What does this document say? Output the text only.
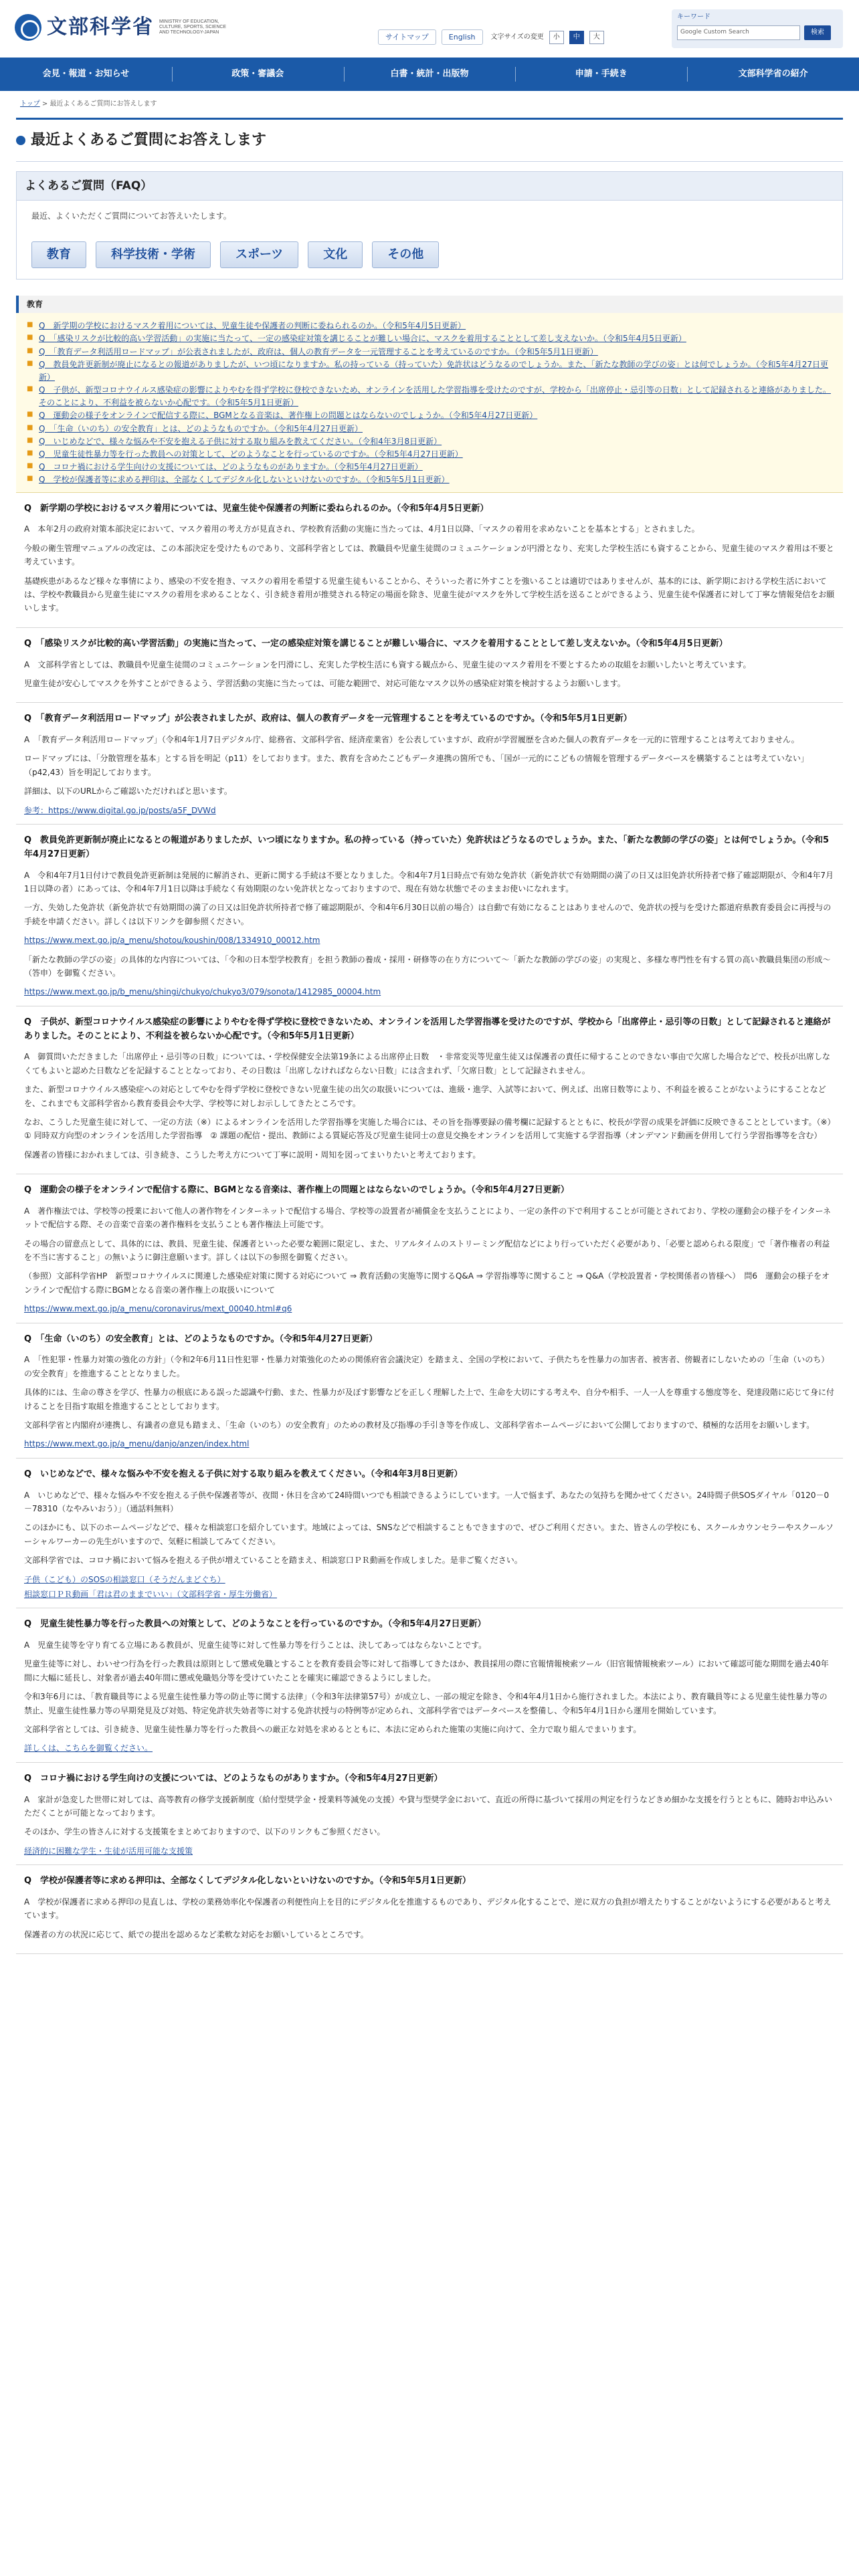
文部科学省 MINISTRY OF EDUCATION, CULTURE, SPORTS, SCIENCE AND TECHNOLOGY-JAPAN
サイトマップ	English	文字サイズの変更	小	中	大
キーワード
Google Custom Search	検索
会見・報道・お知らせ	政策・審議会	白書・統計・出版物	申請・手続き	文部科学省の紹介
トップ > 最近よくあるご質問にお答えします
最近よくあるご質問にお答えします
よくあるご質問（FAQ）
最近、よくいただくご質問についてお答えいたします。
教育	科学技術・学術	スポーツ	文化	その他
教育
■ Q　新学期の学校におけるマスク着用については、児童生徒や保護者の判断に委ねられるのか。（令和5年4月5日更新）
■ Q　「感染リスクが比較的高い学習活動」の実施に当たって、一定の感染症対策を講じることが難しい場合に、マスクを着用することとして差し支えないか。（令和5年4月5日更新）
■ Q　「教育データ利活用ロードマップ」が公表されましたが、政府は、個人の教育データを一元管理することを考えているのですか。（令和5年5月1日更新）
■ Q　教員免許更新制が廃止になるとの報道がありましたが、いつ頃になりますか。私の持っている（持っていた）免許状はどうなるのでしょうか。また、「新たな教師の学びの姿」とは何でしょうか。（令和5年4月27日更新）
■ Q　子供が、新型コロナウイルス感染症の影響によりやむを得ず学校に登校できないため、オンラインを活用した学習指導を受けたのですが、学校から「出席停止・忌引等の日数」として記録されると連絡がありました。そのことにより、不利益を被らないか心配です。（令和5年5月1日更新）
■ Q　運動会の様子をオンラインで配信する際に、BGMとなる音楽は、著作権上の問題とはならないのでしょうか。（令和5年4月27日更新）
■ Q　「生命（いのち）の安全教育」とは、どのようなものですか。（令和5年4月27日更新）
■ Q　いじめなどで、様々な悩みや不安を抱える子供に対する取り組みを教えてください。（令和4年3月8日更新）
■ Q　児童生徒性暴力等を行った教員への対策として、どのようなことを行っているのですか。（令和5年4月27日更新）
■ Q　コロナ禍における学生向けの支援については、どのようなものがありますか。（令和5年4月27日更新）
■ Q　学校が保護者等に求める押印は、全部なくしてデジタル化しないといけないのですか。（令和5年5月1日更新）
Q　新学期の学校におけるマスク着用については、児童生徒や保護者の判断に委ねられるのか。（令和5年4月5日更新）

A　本年2月の政府対策本部決定において、マスク着用の考え方が見直され、学校教育活動の実施に当たっては、4月1日以降、「マスクの着用を求めないことを基本とする」とされました。

今般の衛生管理マニュアルの改定は、この本部決定を受けたものであり、文部科学省としては、教職員や児童生徒間のコミュニケーションが円滑となり、充実した学校生活にも資することから、児童生徒のマスク着用は不要と考えています。

基礎疾患があるなど様々な事情により、感染の不安を抱き、マスクの着用を希望する児童生徒もいることから、そういった者に外すことを強いることは適切ではありませんが、基本的には、新学期における学校生活においては、学校や教職員から児童生徒にマスクの着用を求めることなく、引き続き着用が推奨される特定の場面を除き、児童生徒がマスクを外して学校生活を送ることができるよう、児童生徒や保護者に対して丁寧な情報発信をお願いします。

Q　「感染リスクが比較的高い学習活動」の実施に当たって、一定の感染症対策を講じることが難しい場合に、マスクを着用することとして差し支えないか。（令和5年4月5日更新）

A　文部科学省としては、教職員や児童生徒間のコミュニケーションを円滑にし、充実した学校生活にも資する観点から、児童生徒のマスク着用を不要とするための取組をお願いしたいと考えています。

児童生徒が安心してマスクを外すことができるよう、学習活動の実施に当たっては、可能な範囲で、対応可能なマスク以外の感染症対策を検討するようお願いします。

Q　「教育データ利活用ロードマップ」が公表されましたが、政府は、個人の教育データを一元管理することを考えているのですか。（令和5年5月1日更新）

A　「教育データ利活用ロードマップ」（令和4年1月7日デジタル庁、総務省、文部科学省、経済産業省）を公表していますが、政府が学習履歴を含めた個人の教育データを一元的に管理することは考えておりません。

ロードマップには、「分散管理を基本」とする旨を明記（p11）をしております。また、教育を含めたこどもデータ連携の箇所でも、「国が一元的にこどもの情報を管理するデータベースを構築することは考えていない」（p42,43）旨を明記しております。

詳細は、以下のURLからご確認いただければと思います。

参考：https://www.digital.go.jp/posts/a5F_DVWd
Q　教員免許更新制が廃止になるとの報道がありましたが、いつ頃になりますか。私の持っている（持っていた）免許状はどうなるのでしょうか。また、「新たな教師の学びの姿」とは何でしょうか。（令和5年4月27日更新）

A　令和4年7月1日付けで教員免許更新制は発展的に解消され、更新に関する手続は不要となりました。令和4年7月1日時点で有効な免許状（新免許状で有効期間の満了の日又は旧免許状所持者で修了確認期限が、令和4年7月1日以降の者）にあっては、令和4年7月1日以降は手続なく有効期限のない免許状となっておりますので、現在有効な状態でそのままお使いになれます。

一方、失効した免許状（新免許状で有効期間の満了の日又は旧免許状所持者で修了確認期限が、令和4年6月30日以前の場合）は自動で有効になることはありませんので、免許状の授与を受けた都道府県教育委員会に再授与の手続を申請ください。詳しくは以下リンクを御参照ください。

https://www.mext.go.jp/a_menu/shotou/koushin/008/1334910_00012.htm

「新たな教師の学びの姿」の具体的な内容については、「令和の日本型学校教育」を担う教師の養成・採用・研修等の在り方について～「新たな教師の学びの姿」の実現と、多様な専門性を有する質の高い教職員集団の形成～（答申）を御覧ください。

https://www.mext.go.jp/b_menu/shingi/chukyo/chukyo3/079/sonota/1412985_00004.htm
Q　子供が、新型コロナウイルス感染症の影響によりやむを得ず学校に登校できないため、オンラインを活用した学習指導を受けたのですが、学校から「出席停止・忌引等の日数」として記録されると連絡がありました。そのことにより、不利益を被らないか心配です。（令和5年5月1日更新）

A　御質問いただきました「出席停止・忌引等の日数」については、・学校保健安全法第19条による出席停止日数　・非常変災等児童生徒又は保護者の責任に帰することのできない事由で欠席した場合などで、校長が出席しなくてもよいと認めた日数などを記録することとなっており、その日数は「出席しなければならない日数」には含まれず、「欠席日数」として記録されません。

また、新型コロナウイルス感染症への対応としてやむを得ず学校に登校できない児童生徒の出欠の取扱いについては、進級・進学、入試等において、例えば、出席日数等により、不利益を被ることがないようにすることなどを、これまでも文部科学省から教育委員会や大学、学校等に対しお示ししてきたところです。

なお、こうした児童生徒に対して、一定の方法（※）によるオンラインを活用した学習指導を実施した場合には、その旨を指導要録の備考欄に記録するとともに、校長が学習の成果を評価に反映できることとしています。（※）① 同時双方向型のオンラインを活用した学習指導　② 課題の配信・提出、教師による質疑応答及び児童生徒同士の意見交換をオンラインを活用して実施する学習指導（オンデマンド動画を併用して行う学習指導等を含む）

保護者の皆様におかれましては、引き続き、こうした考え方について丁寧に説明・周知を図ってまいりたいと考えております。

Q　運動会の様子をオンラインで配信する際に、BGMとなる音楽は、著作権上の問題とはならないのでしょうか。（令和5年4月27日更新）

A　著作権法では、学校等の授業において他人の著作物をインターネットで配信する場合、学校等の設置者が補償金を支払うことにより、一定の条件の下で利用することが可能とされており、学校の運動会の様子をインターネットで配信する際、その音楽で音楽の著作権料を支払うことも著作権法上可能です。

その場合の留意点として、具体的には、教員、児童生徒、保護者といった必要な範囲に限定し、また、リアルタイムのストリーミング配信などにより行っていただく必要があり、「必要と認められる限度」で「著作権者の利益を不当に害すること」の無いように御注意願います。詳しくは以下の参照を御覧ください。

（参照）文部科学省HP　新型コロナウイルスに関連した感染症対策に関する対応について ⇒ 教育活動の実施等に関するQ&A ⇒ 学習指導等に関すること ⇒ Q&A（学校設置者・学校関係者の皆様へ）　問6　運動会の様子をオンラインで配信する際にBGMとなる音楽の著作権上の取扱いについて

https://www.mext.go.jp/a_menu/coronavirus/mext_00040.html#q6
Q　「生命（いのち）の安全教育」とは、どのようなものですか。（令和5年4月27日更新）

A　「性犯罪・性暴力対策の強化の方針」（令和2年6月11日性犯罪・性暴力対策強化のための関係府省会議決定）を踏まえ、全国の学校において、子供たちを性暴力の加害者、被害者、傍観者にしないための「生命（いのち）の安全教育」を推進することとなりました。

具体的には、生命の尊さを学び、性暴力の根底にある誤った認識や行動、また、性暴力が及ぼす影響などを正しく理解した上で、生命を大切にする考えや、自分や相手、一人一人を尊重する態度等を、発達段階に応じて身に付けることを目指す取組を推進することとしております。

文部科学省と内閣府が連携し、有識者の意見も踏まえ、「生命（いのち）の安全教育」のための教材及び指導の手引き等を作成し、文部科学省ホームページにおいて公開しておりますので、積極的な活用をお願いします。

https://www.mext.go.jp/a_menu/danjo/anzen/index.html
Q　いじめなどで、様々な悩みや不安を抱える子供に対する取り組みを教えてください。（令和4年3月8日更新）

A　いじめなどで、様々な悩みや不安を抱える子供や保護者等が、夜間・休日を含めて24時間いつでも相談できるようにしています。一人で悩まず、あなたの気持ちを聞かせてください。24時間子供SOSダイヤル「0120－0－78310（なやみいおう）」（通話料無料）

このほかにも、以下のホームページなどで、様々な相談窓口を紹介しています。地域によっては、SNSなどで相談することもできますので、ぜひご利用ください。また、皆さんの学校にも、スクールカウンセラーやスクールソーシャルワーカーの先生がいますので、気軽に相談してみてください。

文部科学省では、コロナ禍において悩みを抱える子供が増えていることを踏まえ、相談窓口ＰＲ動画を作成しました。是非ご覧ください。

子供（こども）のSOSの相談窓口（そうだんまどぐち）
相談窓口ＰＲ動画「君は君のままでいい」（文部科学省・厚生労働省）
Q　児童生徒性暴力等を行った教員への対策として、どのようなことを行っているのですか。（令和5年4月27日更新）

A　児童生徒等を守り育てる立場にある教員が、児童生徒等に対して性暴力等を行うことは、決してあってはならないことです。

児童生徒等に対し、わいせつ行為を行った教員は原則として懲戒免職とすることを教育委員会等に対して指導してきたほか、教員採用の際に官報情報検索ツール（旧官報情報検索ツール）において確認可能な期間を過去40年間に大幅に延長し、対象者が過去40年間に懲戒免職処分等を受けていたことを確実に確認できるようにしました。

令和3年6月には、「教育職員等による児童生徒性暴力等の防止等に関する法律」（令和3年法律第57号）が成立し、一部の規定を除き、令和4年4月1日から施行されました。本法により、教育職員等による児童生徒性暴力等の禁止、児童生徒性暴力等の早期発見及び対処、特定免許状失効者等に対する免許状授与の特例等が定められ、文部科学省ではデータベースを整備し、令和5年4月1日から運用を開始しています。

文部科学省としては、引き続き、児童生徒性暴力等を行った教員への厳正な対処を求めるとともに、本法に定められた施策の実施に向けて、全力で取り組んでまいります。

詳しくは、こちらを御覧ください。
Q　コロナ禍における学生向けの支援については、どのようなものがありますか。（令和5年4月27日更新）

A　家計が急変した世帯に対しては、高等教育の修学支援新制度（給付型奨学金・授業料等減免の支援）や貸与型奨学金において、直近の所得に基づいて採用の判定を行うなどきめ細かな支援を行うとともに、随時お申込みいただくことが可能となっております。

そのほか、学生の皆さんに対する支援策をまとめておりますので、以下のリンクもご参照ください。

経済的に困難な学生・生徒が活用可能な支援策
Q　学校が保護者等に求める押印は、全部なくしてデジタル化しないといけないのですか。（令和5年5月1日更新）

A　学校が保護者に求める押印の見直しは、学校の業務効率化や保護者の利便性向上を目的にデジタル化を推進するものであり、デジタル化することで、逆に双方の負担が増えたりすることがないようにする必要があると考えています。

保護者の方の状況に応じて、紙での提出を認めるなど柔軟な対応をお願いしているところです。
